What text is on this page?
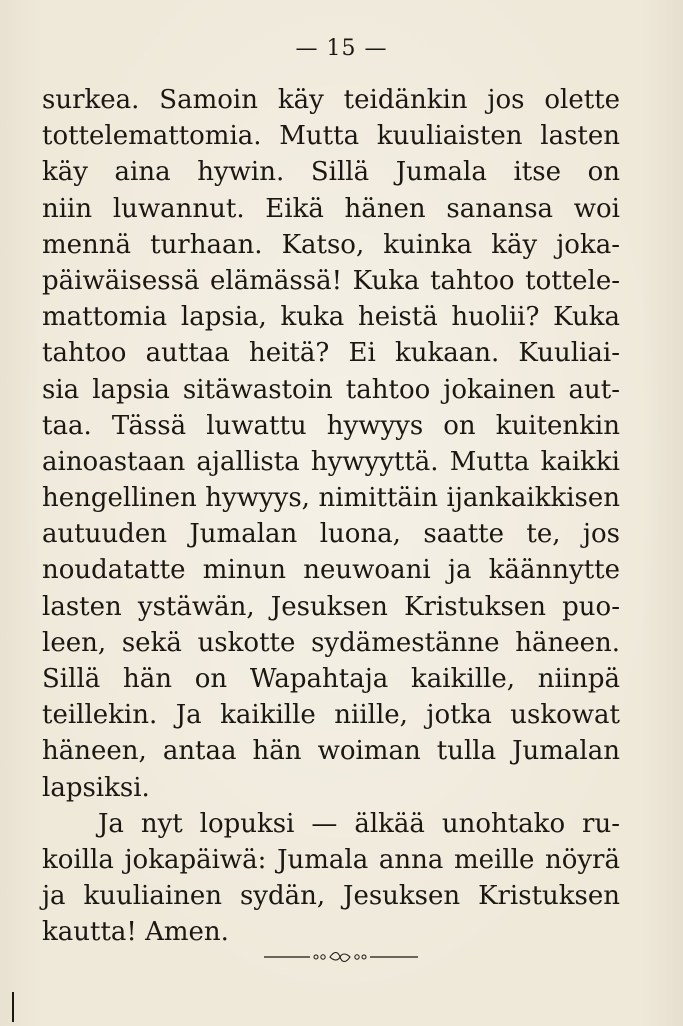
— 15 —
surkea. Samoin käy teidänkin jos olette
tottelemattomia. Mutta kuuliaisten lasten
käy aina hywin. Sillä Jumala itse on
niin luwannut. Eikä hänen sanansa woi
mennä turhaan. Katso, kuinka käy joka-
päiwäisessä elämässä! Kuka tahtoo tottele-
mattomia lapsia, kuka heistä huolii? Kuka
tahtoo auttaa heitä? Ei kukaan. Kuuliai-
sia lapsia sitäwastoin tahtoo jokainen aut-
taa. Tässä luwattu hywyys on kuitenkin
ainoastaan ajallista hywyyttä. Mutta kaikki
hengellinen hywyys, nimittäin ijankaikkisen
autuuden Jumalan luona, saatte te, jos
noudatatte minun neuwoani ja käännytte
lasten ystäwän, Jesuksen Kristuksen puo-
leen, sekä uskotte sydämestänne häneen.
Sillä hän on Wapahtaja kaikille, niinpä
teillekin. Ja kaikille niille, jotka uskowat
häneen, antaa hän woiman tulla Jumalan
lapsiksi.
Ja nyt lopuksi — älkää unohtako ru-
koilla jokapäiwä: Jumala anna meille nöyrä
ja kuuliainen sydän, Jesuksen Kristuksen
kautta! Amen.
